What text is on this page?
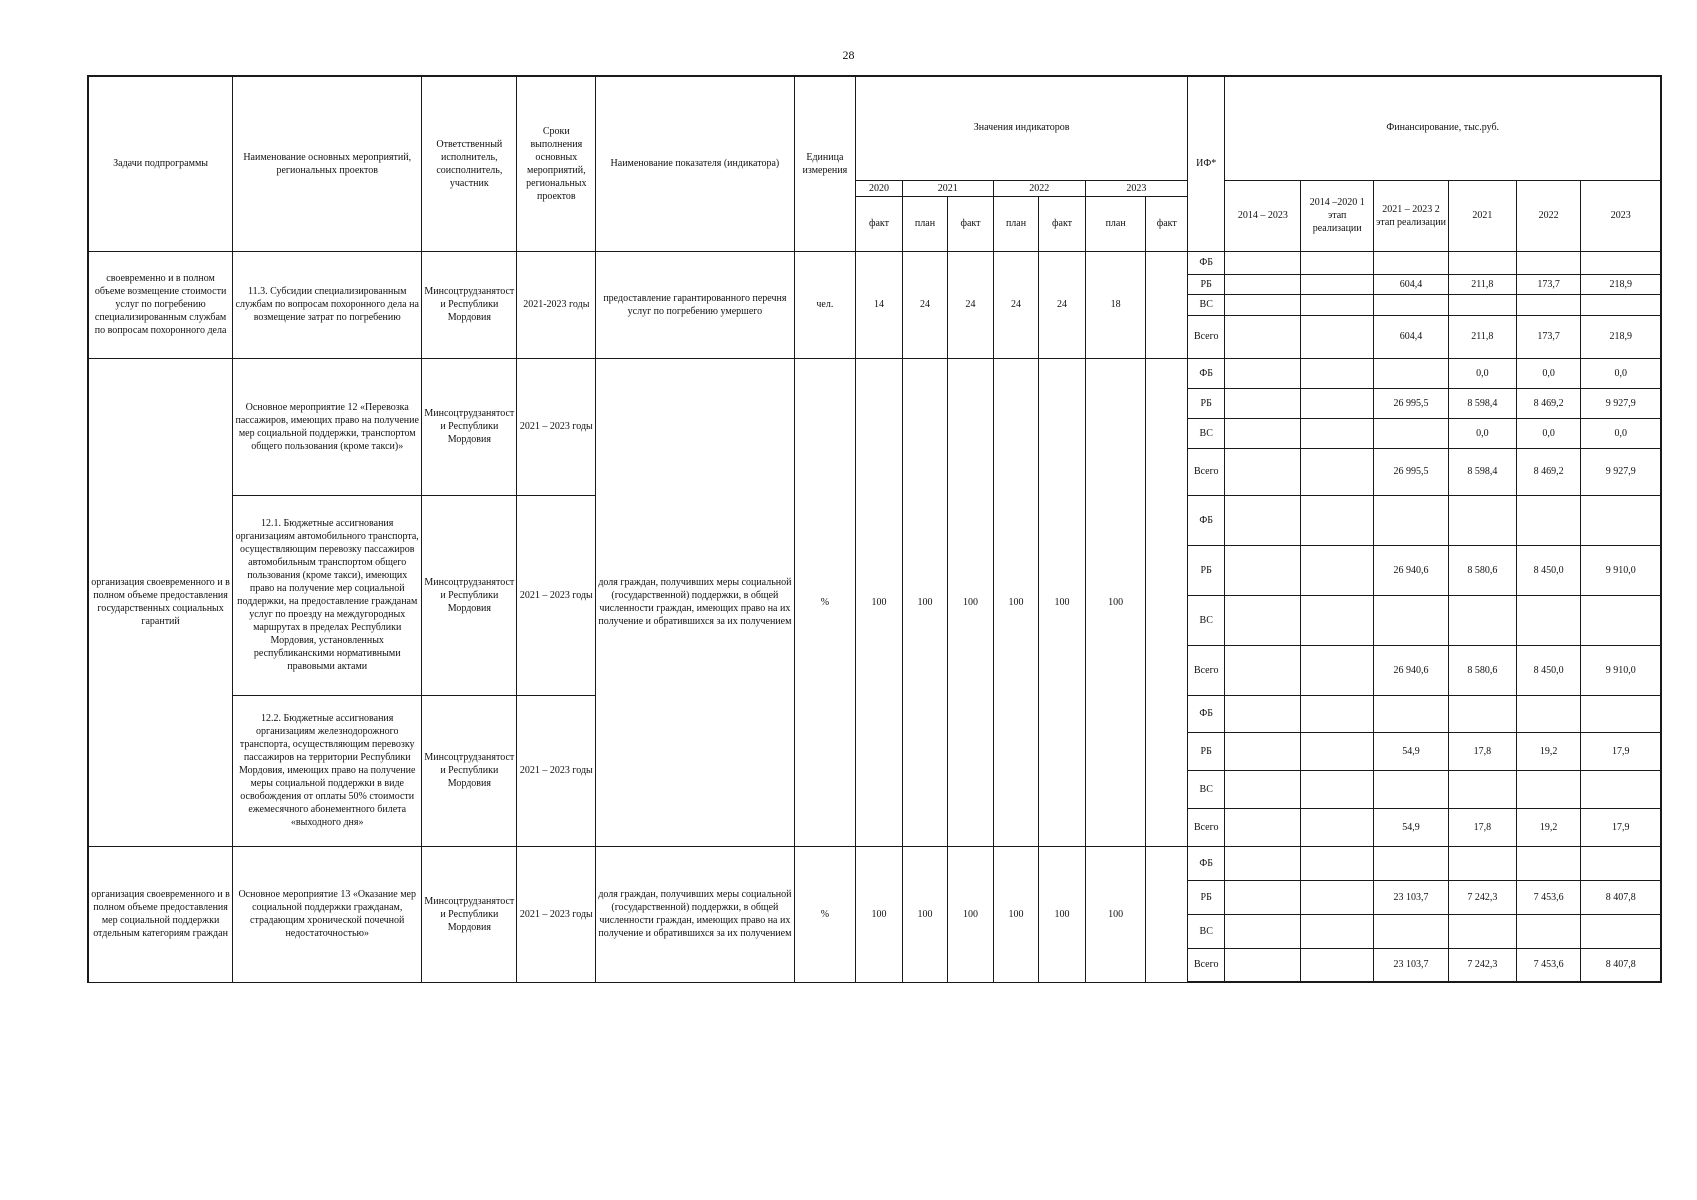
28
Задачи подпрограммы	Наименование основных мероприятий, региональных проектов	Ответственный исполнитель, соисполнитель, участник	Сроки выполнения основных мероприятий, региональных проектов	Наименование показателя (индикатора)	Единица измерения	Значения индикаторов							ИФ*	Финансирование, тыс.руб.					
						2020	2021		2022		2023			2014 – 2023	2014 –2020 1 этап реализации	2021 – 2023 2 этап реализации	2021	2022	2023
						факт	план	факт	план	факт	план	факт							
своевременно и в полном объеме возмещение стоимости услуг по погребению специализированным службам по вопросам похоронного дела	11.3. Субсидии специализированным службам по вопросам похоронного дела на возмещение затрат по погребению	Минсоцтрудзанятости Республики Мордовия	2021-2023 годы	предоставление гарантированного перечня услуг по погребению умершего	чел.	14	24	24	24	24	18		ФБ						
													РБ			604,4	211,8	173,7	218,9
													ВС						
													Всего			604,4	211,8	173,7	218,9
организация своевременного и в полном объеме предоставления государственных социальных гарантий	Основное мероприятие 12 «Перевозка пассажиров, имеющих право на получение мер социальной поддержки, транспортом общего пользования (кроме такси)»	Минсоцтрудзанятости Республики Мордовия	2021 – 2023 годы	доля граждан, получивших меры социальной (государственной) поддержки, в общей численности граждан, имеющих право на их получение и обратившихся за их получением	%	100	100	100	100	100	100		ФБ				0,0	0,0	0,0
													РБ			26 995,5	8 598,4	8 469,2	9 927,9
													ВС				0,0	0,0	0,0
													Всего			26 995,5	8 598,4	8 469,2	9 927,9
	12.1. Бюджетные ассигнования организациям автомобильного транспорта, осуществляющим перевозку пассажиров автомобильным транспортом общего пользования (кроме такси), имеющих право на получение мер социальной поддержки, на предоставление гражданам услуг по проезду на междугородных маршрутах в пределах Республики Мордовия, установленных республиканскими нормативными правовыми актами	Минсоцтрудзанятости Республики Мордовия	2021 – 2023 годы										ФБ						
													РБ			26 940,6	8 580,6	8 450,0	9 910,0
													ВС						
													Всего			26 940,6	8 580,6	8 450,0	9 910,0
	12.2. Бюджетные ассигнования организациям железнодорожного транспорта, осуществляющим перевозку пассажиров на территории Республики Мордовия, имеющих право на получение меры социальной поддержки в виде освобождения от оплаты 50% стоимости ежемесячного абонементного билета «выходного дня»	Минсоцтрудзанятости Республики Мордовия	2021 – 2023 годы										ФБ						
													РБ			54,9	17,8	19,2	17,9
													ВС						
													Всего			54,9	17,8	19,2	17,9
организация своевременного и в полном объеме предоставления мер социальной поддержки отдельным категориям граждан	Основное мероприятие 13 «Оказание мер социальной поддержки гражданам, страдающим хронической почечной недостаточностью»	Минсоцтрудзанятости Республики Мордовия	2021 – 2023 годы	доля граждан, получивших меры социальной (государственной) поддержки, в общей численности граждан, имеющих право на их получение и обратившихся за их получением	%	100	100	100	100	100	100		ФБ						
													РБ			23 103,7	7 242,3	7 453,6	8 407,8
													ВС						
													Всего			23 103,7	7 242,3	7 453,6	8 407,8
